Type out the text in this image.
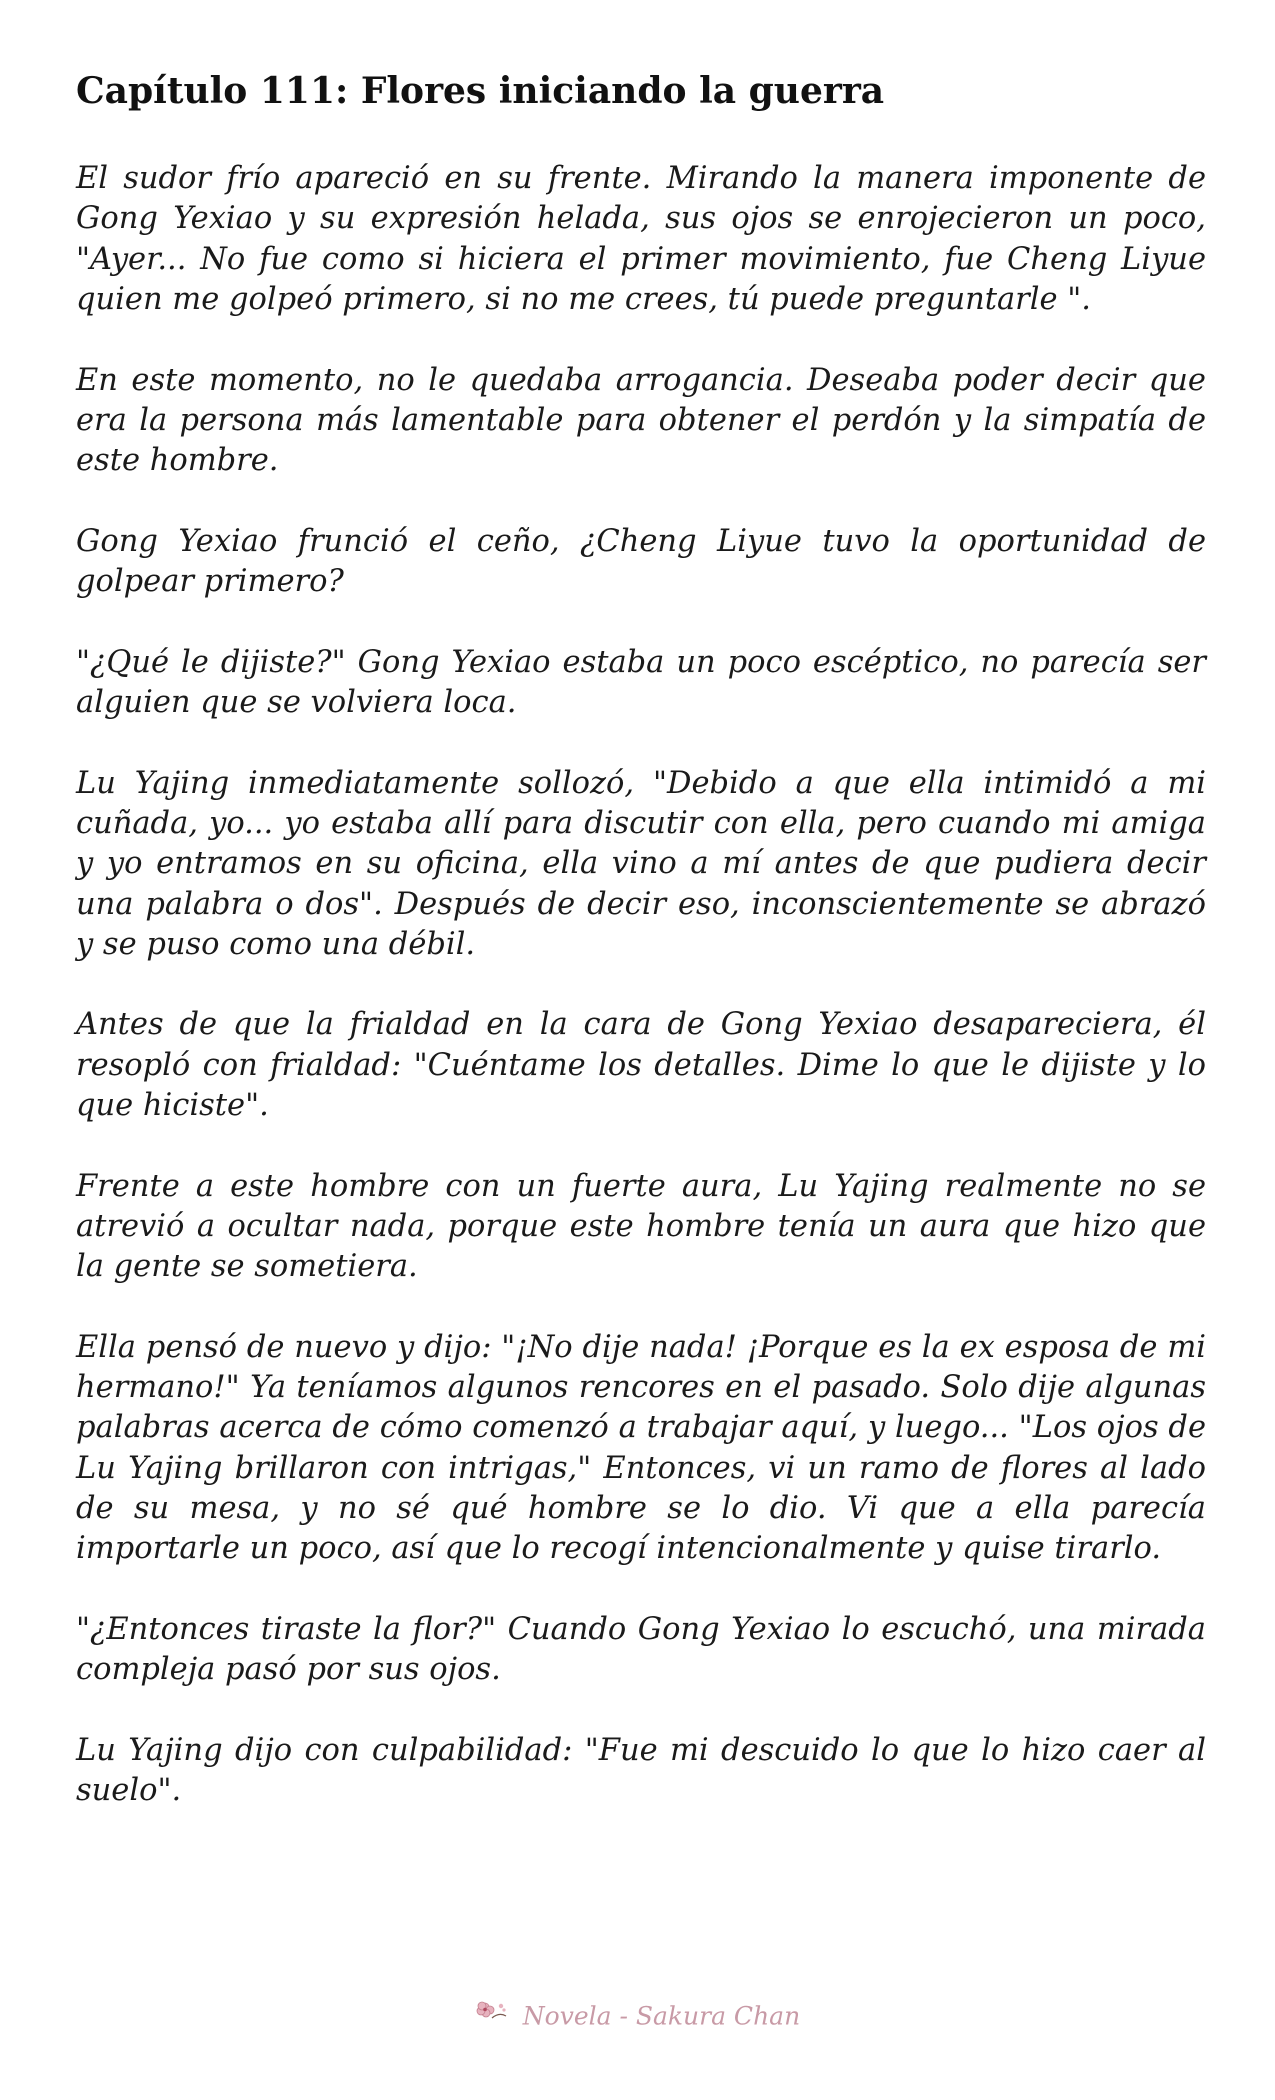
Capítulo 111: Flores iniciando la guerra

El sudor frío apareció en su frente. Mirando la manera imponente de Gong Yexiao y su expresión helada, sus ojos se enrojecieron un poco, "Ayer... No fue como si hiciera el primer movimiento, fue Cheng Liyue quien me golpeó primero, si no me crees, tú puede preguntarle ".

En este momento, no le quedaba arrogancia. Deseaba poder decir que era la persona más lamentable para obtener el perdón y la simpatía de este hombre.

Gong Yexiao frunció el ceño, ¿Cheng Liyue tuvo la oportunidad de golpear primero?

"¿Qué le dijiste?" Gong Yexiao estaba un poco escéptico, no parecía ser alguien que se volviera loca.

Lu Yajing inmediatamente sollozó, "Debido a que ella intimidó a mi cuñada, yo... yo estaba allí para discutir con ella, pero cuando mi amiga y yo entramos en su oficina, ella vino a mí antes de que pudiera decir una palabra o dos". Después de decir eso, inconscientemente se abrazó y se puso como una débil.

Antes de que la frialdad en la cara de Gong Yexiao desapareciera, él resopló con frialdad: "Cuéntame los detalles. Dime lo que le dijiste y lo que hiciste".

Frente a este hombre con un fuerte aura, Lu Yajing realmente no se atrevió a ocultar nada, porque este hombre tenía un aura que hizo que la gente se sometiera.

Ella pensó de nuevo y dijo: "¡No dije nada! ¡Porque es la ex esposa de mi hermano!" Ya teníamos algunos rencores en el pasado. Solo dije algunas palabras acerca de cómo comenzó a trabajar aquí, y luego... "Los ojos de Lu Yajing brillaron con intrigas," Entonces, vi un ramo de flores al lado de su mesa, y no sé qué hombre se lo dio. Vi que a ella parecía importarle un poco, así que lo recogí intencionalmente y quise tirarlo.

"¿Entonces tiraste la flor?" Cuando Gong Yexiao lo escuchó, una mirada compleja pasó por sus ojos.

Lu Yajing dijo con culpabilidad: "Fue mi descuido lo que lo hizo caer al suelo".

Novela - Sakura Chan
